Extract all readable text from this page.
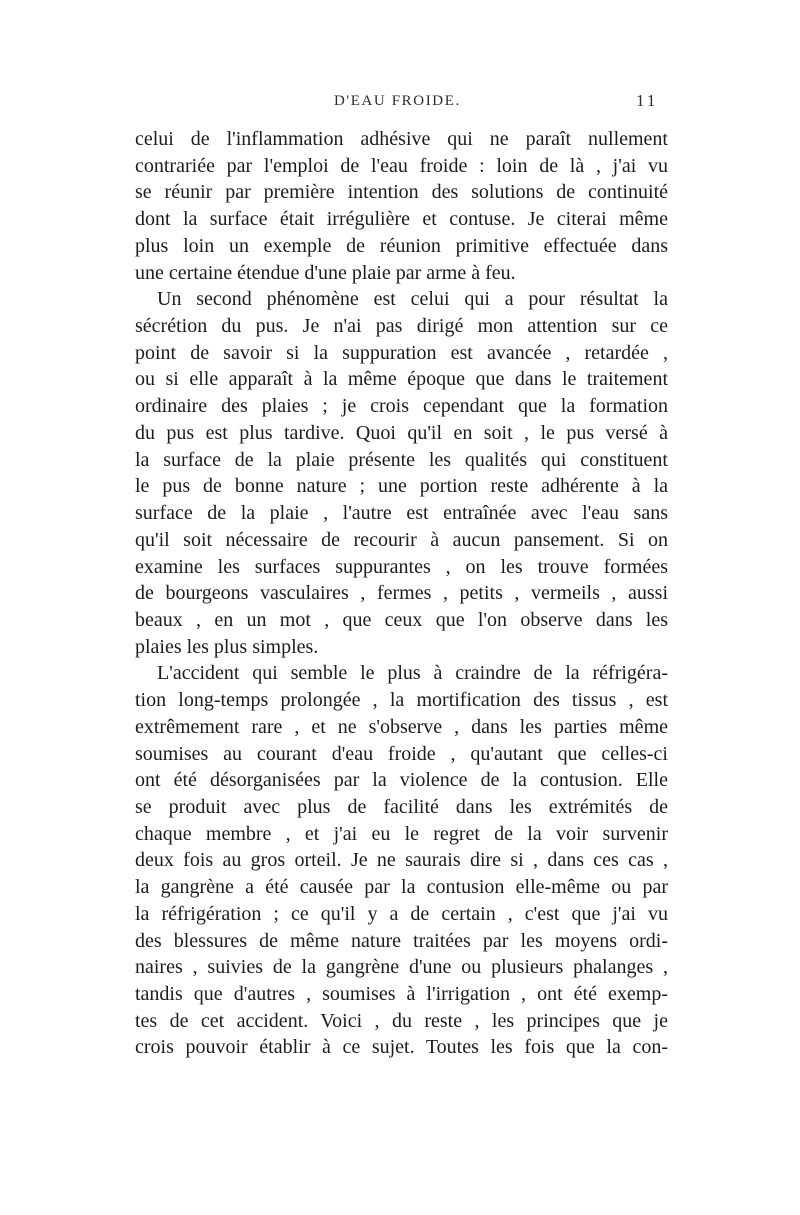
D'EAU FROIDE.	11
celui de l'inflammation adhésive qui ne paraît nullement
contrariée par l'emploi de l'eau froide : loin de là , j'ai vu
se réunir par première intention des solutions de continuité
dont la surface était irrégulière et contuse. Je citerai même
plus loin un exemple de réunion primitive effectuée dans
une certaine étendue d'une plaie par arme à feu.
Un second phénomène est celui qui a pour résultat la
sécrétion du pus. Je n'ai pas dirigé mon attention sur ce
point de savoir si la suppuration est avancée , retardée ,
ou si elle apparaît à la même époque que dans le traitement
ordinaire des plaies ; je crois cependant que la formation
du pus est plus tardive. Quoi qu'il en soit , le pus versé à
la surface de la plaie présente les qualités qui constituent
le pus de bonne nature ; une portion reste adhérente à la
surface de la plaie , l'autre est entraînée avec l'eau sans
qu'il soit nécessaire de recourir à aucun pansement. Si on
examine les surfaces suppurantes , on les trouve formées
de bourgeons vasculaires , fermes , petits , vermeils , aussi
beaux , en un mot , que ceux que l'on observe dans les
plaies les plus simples.
L'accident qui semble le plus à craindre de la réfrigéra-
tion long-temps prolongée , la mortification des tissus , est
extrêmement rare , et ne s'observe , dans les parties même
soumises au courant d'eau froide , qu'autant que celles-ci
ont été désorganisées par la violence de la contusion. Elle
se produit avec plus de facilité dans les extrémités de
chaque membre , et j'ai eu le regret de la voir survenir
deux fois au gros orteil. Je ne saurais dire si , dans ces cas ,
la gangrène a été causée par la contusion elle-même ou par
la réfrigération ; ce qu'il y a de certain , c'est que j'ai vu
des blessures de même nature traitées par les moyens ordi-
naires , suivies de la gangrène d'une ou plusieurs phalanges ,
tandis que d'autres , soumises à l'irrigation , ont été exemp-
tes de cet accident. Voici , du reste , les principes que je
crois pouvoir établir à ce sujet. Toutes les fois que la con-
